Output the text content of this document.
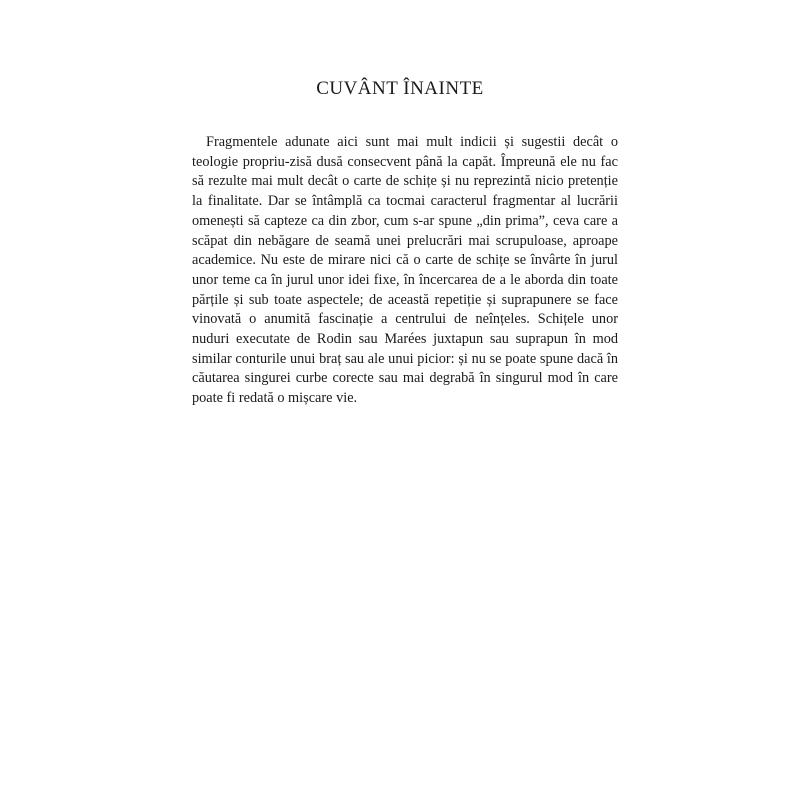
CUVÂNT ÎNAINTE

Fragmentele adunate aici sunt mai mult indicii și sugestii decât o teologie propriu-zisă dusă consecvent până la capăt. Împreună ele nu fac să rezulte mai mult decât o carte de schițe și nu reprezintă nicio pretenție la finalitate. Dar se întâmplă ca tocmai caracterul fragmentar al lucrării omenești să capteze ca din zbor, cum s-ar spune „din prima”, ceva care a scăpat din nebăgare de seamă unei prelucrări mai scrupuloase, aproape academice. Nu este de mirare nici că o carte de schițe se învârte în jurul unor teme ca în jurul unor idei fixe, în încercarea de a le aborda din toate părțile și sub toate aspectele; de această repetiție și suprapunere se face vinovată o anumită fascinație a centrului de neînțeles. Schițele unor nuduri executate de Rodin sau Marées juxtapun sau suprapun în mod similar conturile unui braț sau ale unui picior: și nu se poate spune dacă în căutarea singurei curbe corecte sau mai degrabă în singurul mod în care poate fi redată o mișcare vie.
